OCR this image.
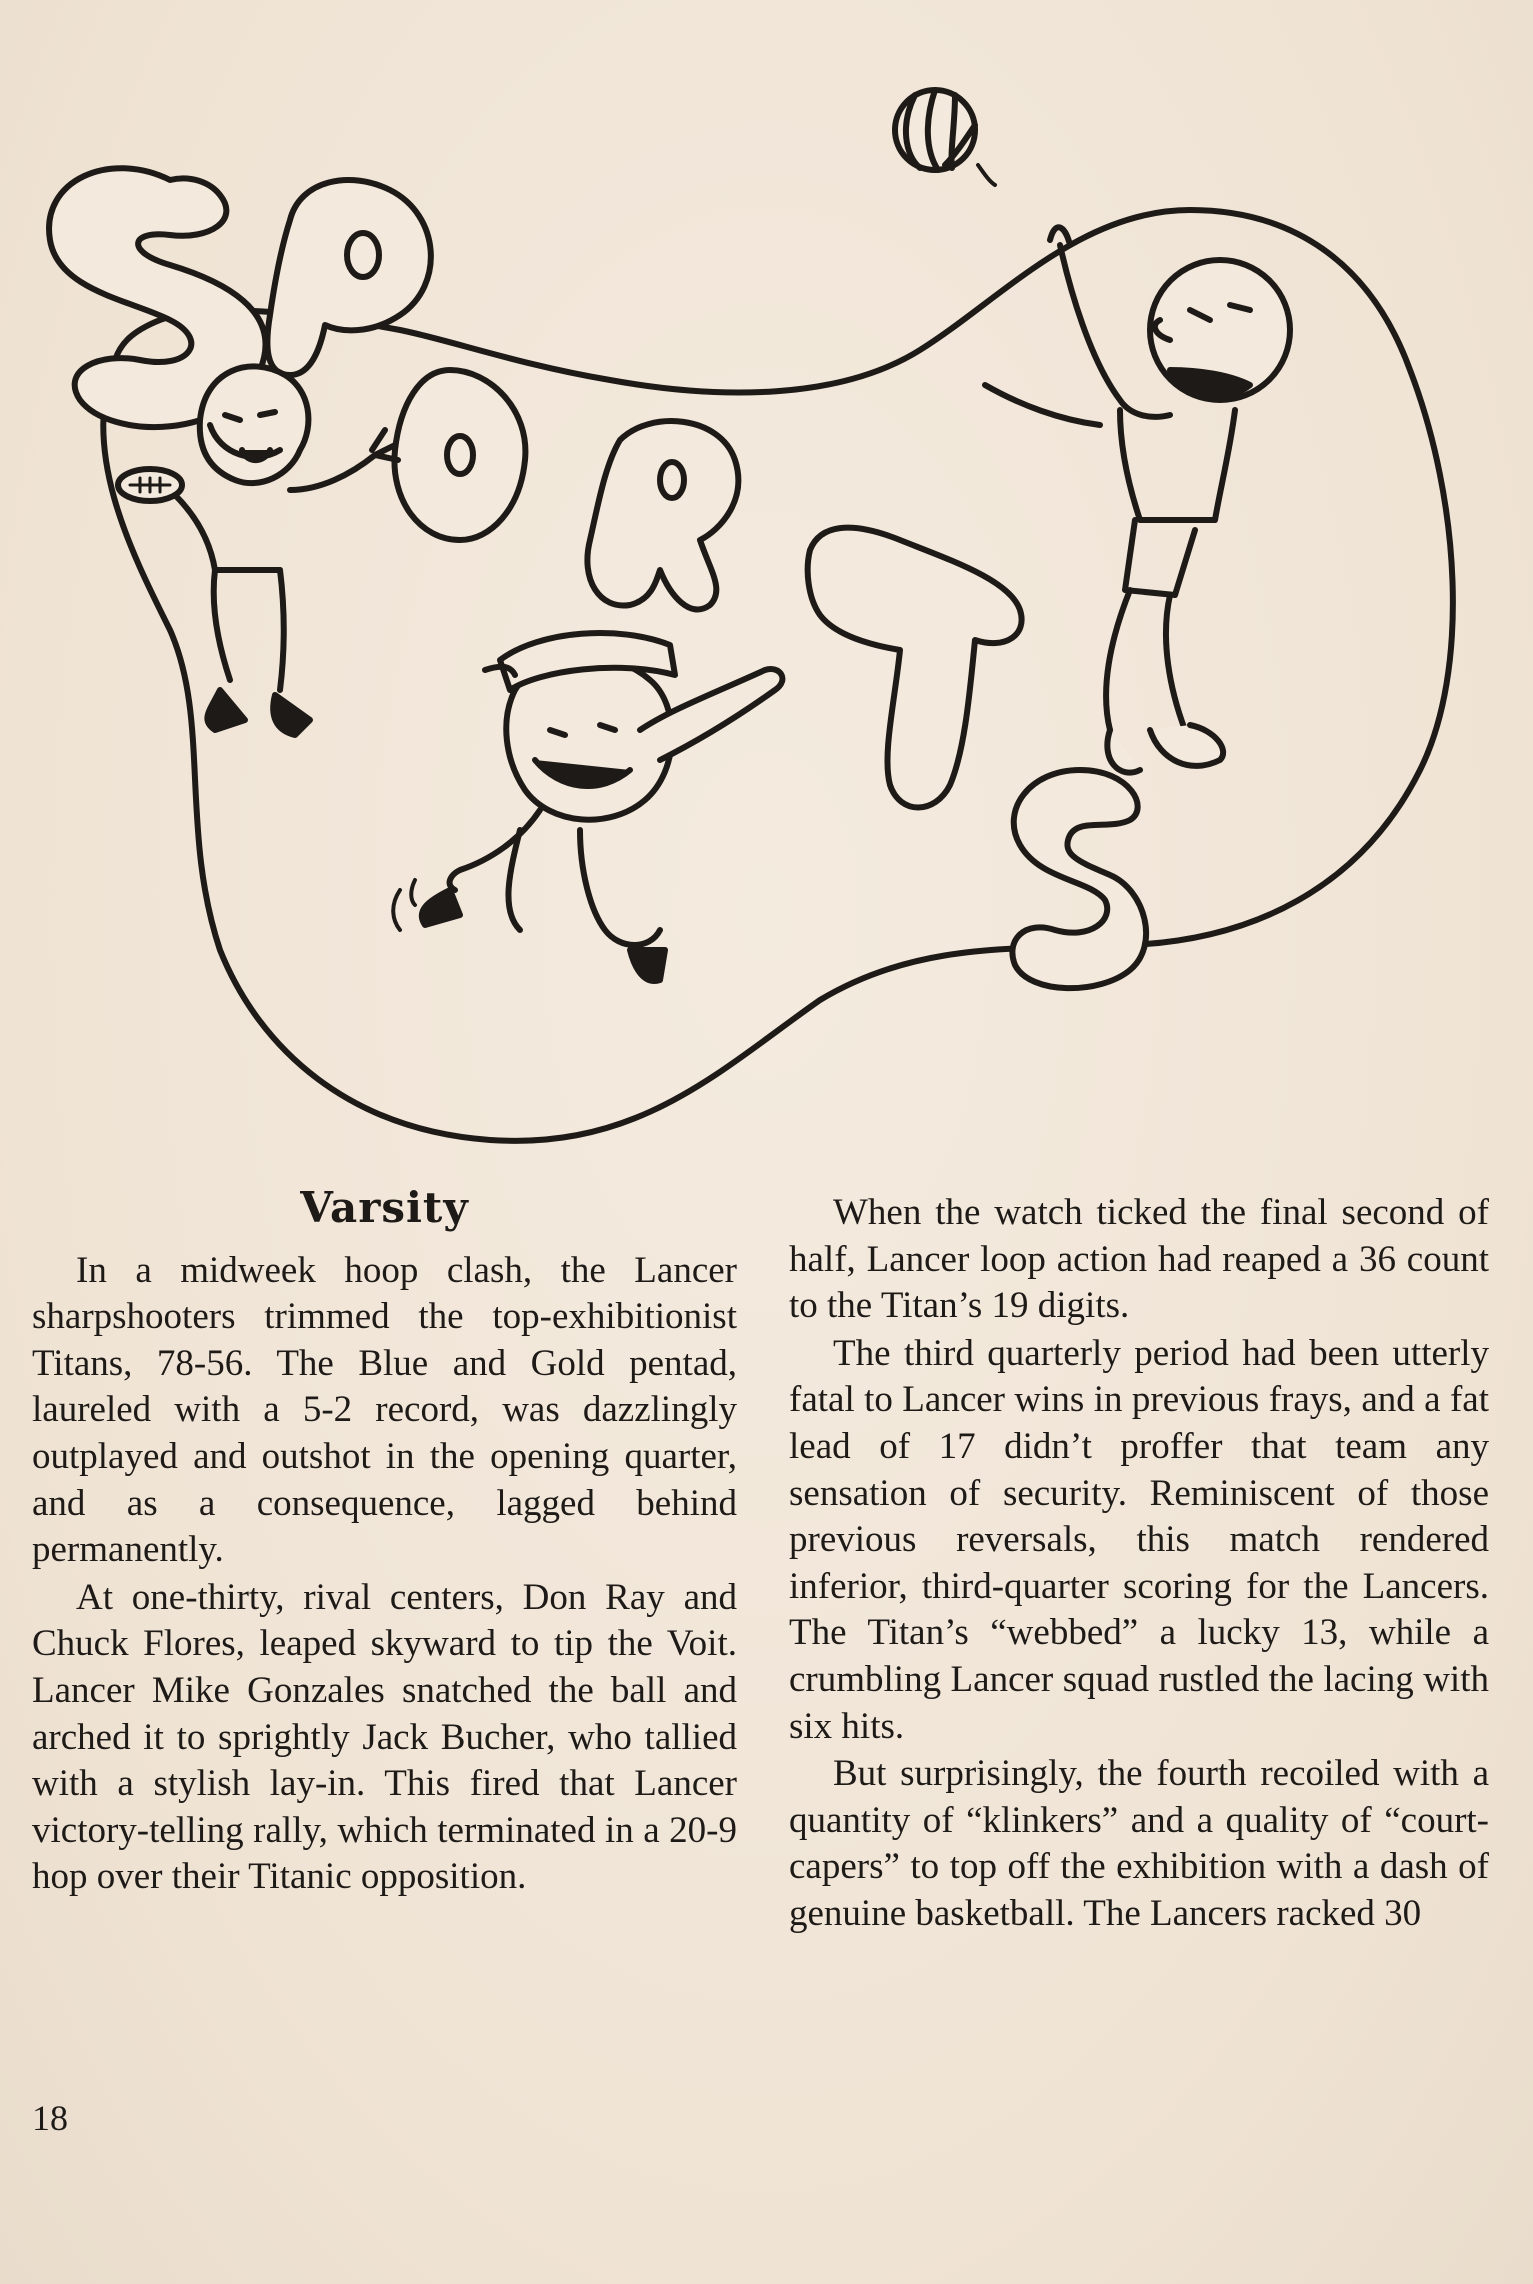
Varsity

In a midweek hoop clash, the Lancer sharpshooters trimmed the top-exhibitionist Titans, 78-56. The Blue and Gold pentad, laureled with a 5-2 record, was dazzlingly outplayed and outshot in the opening quarter, and as a consequence, lagged behind permanently.

At one-thirty, rival centers, Don Ray and Chuck Flores, leaped skyward to tip the Voit. Lancer Mike Gonzales snatched the ball and arched it to sprightly Jack Bucher, who tallied with a stylish lay-in. This fired that Lancer victory-telling rally, which terminated in a 20-9 hop over their Titanic opposition.

When the watch ticked the final second of half, Lancer loop action had reaped a 36 count to the Titan’s 19 digits.

The third quarterly period had been utterly fatal to Lancer wins in previous frays, and a fat lead of 17 didn’t proffer that team any sensation of security. Reminiscent of those previous reversals, this match rendered inferior, third-quarter scoring for the Lancers. The Titan’s “webbed” a lucky 13, while a crumbling Lancer squad rustled the lacing with six hits.

But surprisingly, the fourth recoiled with a quantity of “klinkers” and a quality of “court-capers” to top off the exhibition with a dash of genuine basketball. The Lancers racked 30

18
